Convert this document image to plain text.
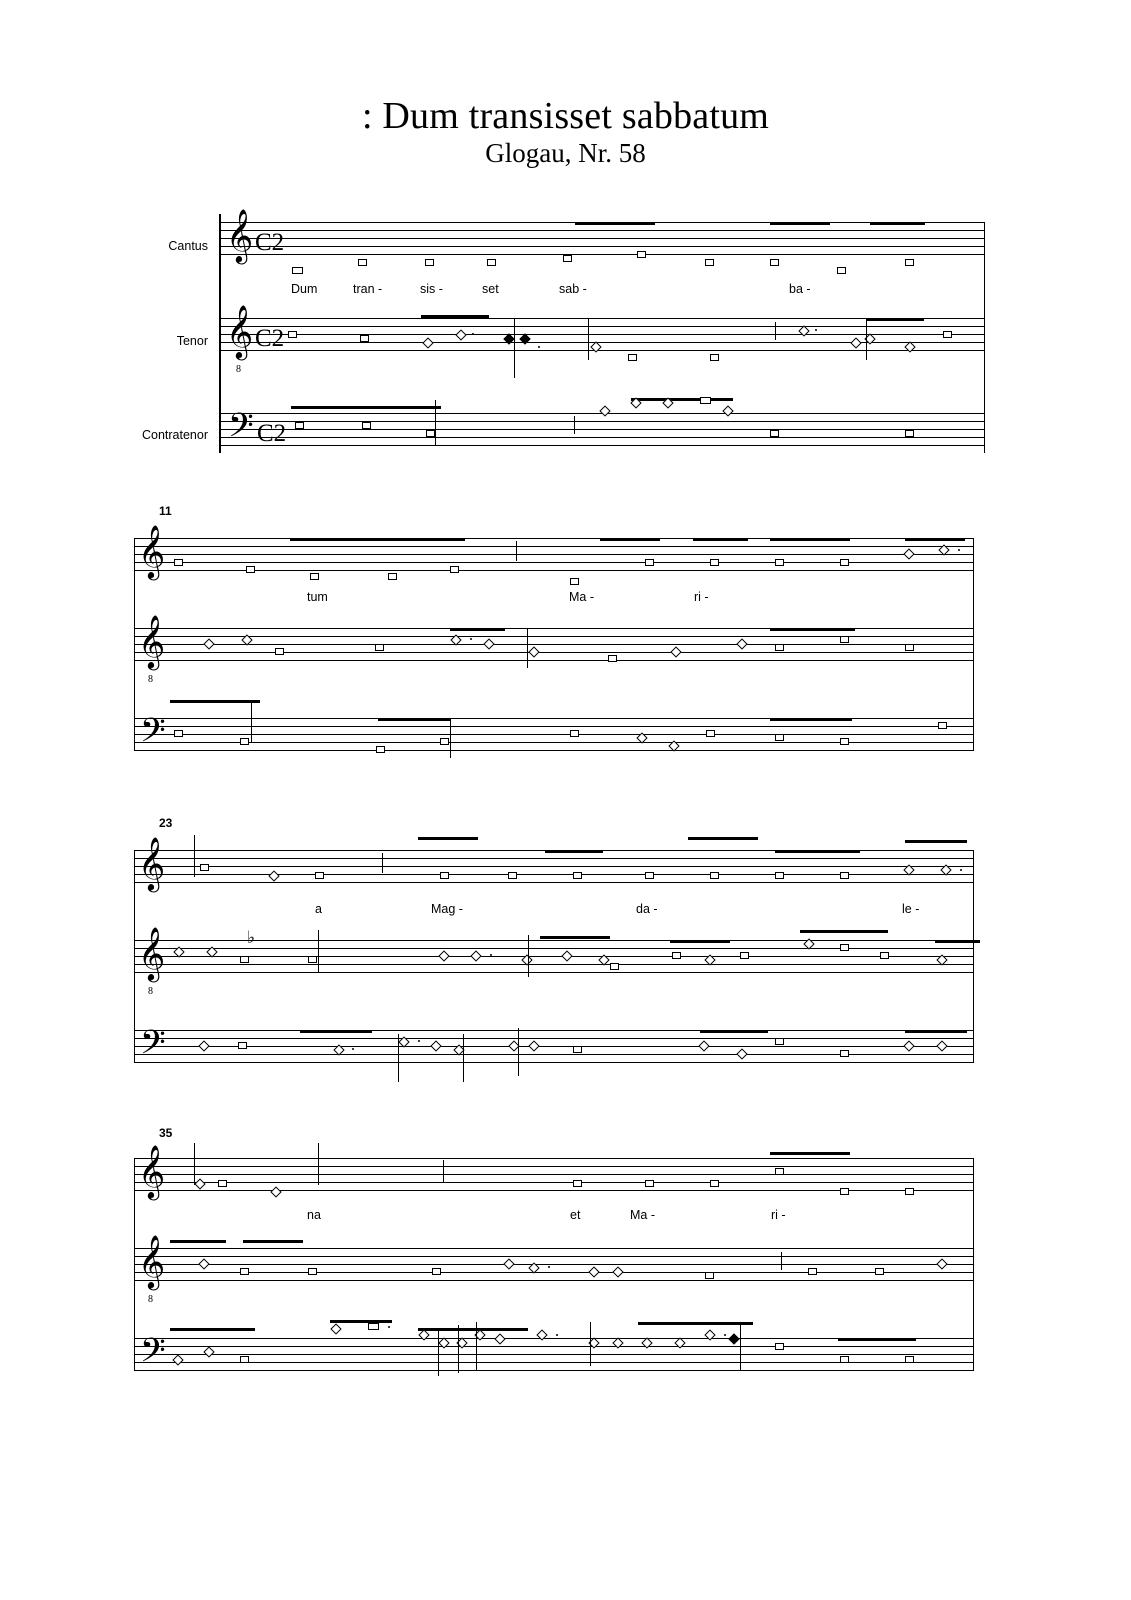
: Dum transisset sabbatum
Glogau, Nr. 58
Cantus
Tenor
Contratenor
𝄞 C2
Dum	tran -	sis -	set	sab -	ba -
𝄞
8
C2
𝄢 C2
11
𝄞
tum	Ma -	ri -
𝄞
8
𝄢
23
𝄞
a	Mag -	da -	le -
𝄞
8
♭
𝄢
35
𝄞
na	et	Ma -	ri -
𝄞
8
𝄢
